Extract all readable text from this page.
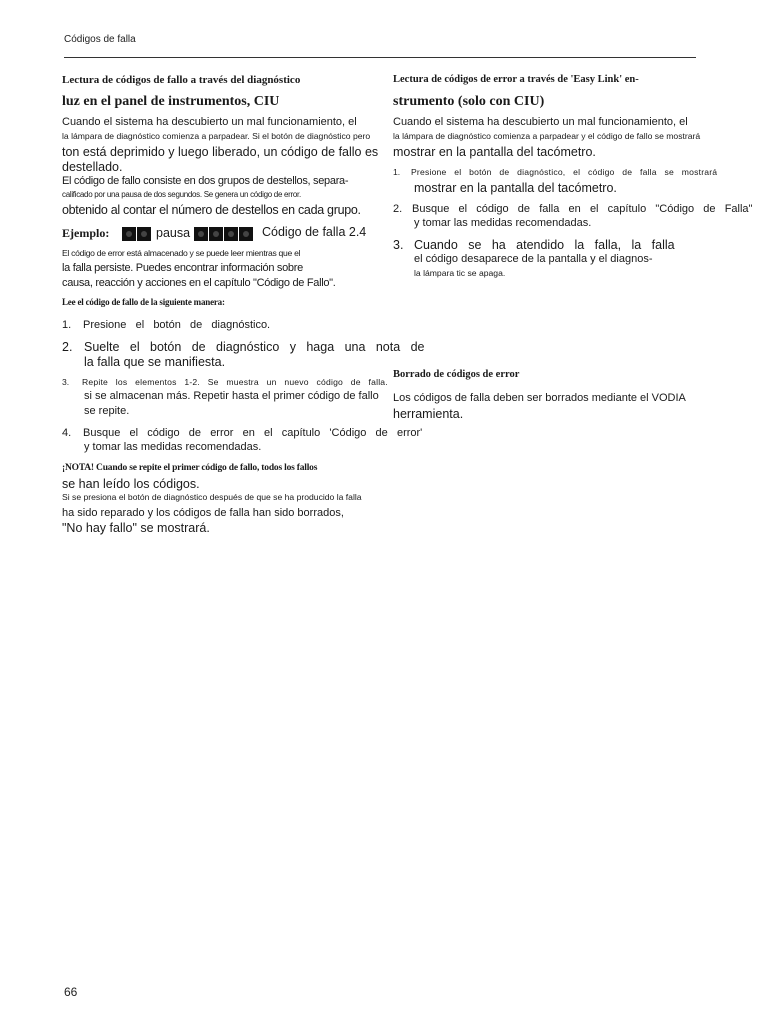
Códigos de falla
Lectura de códigos de fallo a través del diagnóstico
luz en el panel de instrumentos, CIU
Cuando el sistema ha descubierto un mal funcionamiento, el
la lámpara de diagnóstico comienza a parpadear. Si el botón de diagnóstico pero
ton está deprimido y luego liberado, un código de fallo es
destellado.
El código de fallo consiste en dos grupos de destellos, separa-
calificado por una pausa de dos segundos. Se genera un código de error.
obtenido al contar el número de destellos en cada grupo.
Ejemplo:	pausa	Código de falla 2.4
El código de error está almacenado y se puede leer mientras que el
la falla persiste. Puedes encontrar información sobre
causa, reacción y acciones en el capítulo "Código de Fallo".
Lee el código de fallo de la siguiente manera:
1. Presione   el   botón   de   diagnóstico.
2. Suelte   el   botón   de   diagnóstico   y   haga   una   nota   de
la falla que se manifiesta.
3. Repite   los   elementos   1-2.   Se   muestra   un   nuevo   código   de   falla.
si se almacenan más. Repetir hasta el primer código de fallo
se repite.
4. Busque   el   código   de   error   en   el   capítulo   'Código   de   error'
y tomar las medidas recomendadas.
¡NOTA! Cuando se repite el primer código de fallo, todos los fallos
se han leído los códigos.
Si se presiona el botón de diagnóstico después de que se ha producido la falla
ha sido reparado y los códigos de falla han sido borrados,
"No hay fallo" se mostrará.
Lectura de códigos de error a través de 'Easy Link' en-
strumento (solo con CIU)
Cuando el sistema ha descubierto un mal funcionamiento, el
la lámpara de diagnóstico comienza a parpadear y el código de fallo se mostrará
mostrar en la pantalla del tacómetro.
1. Presione   el   botón   de   diagnóstico,   el   código   de   falla   se   mostrará
mostrar en la pantalla del tacómetro.
2. Busque   el   código   de   falla   en   el   capítulo   "Código   de   Falla"
y tomar las medidas recomendadas.
3. Cuando   se   ha   atendido   la   falla,   la   falla
el código desaparece de la pantalla y el diagnos-
la lámpara tic se apaga.
Borrado de códigos de error
Los códigos de falla deben ser borrados mediante el VODIA
herramienta.
66
